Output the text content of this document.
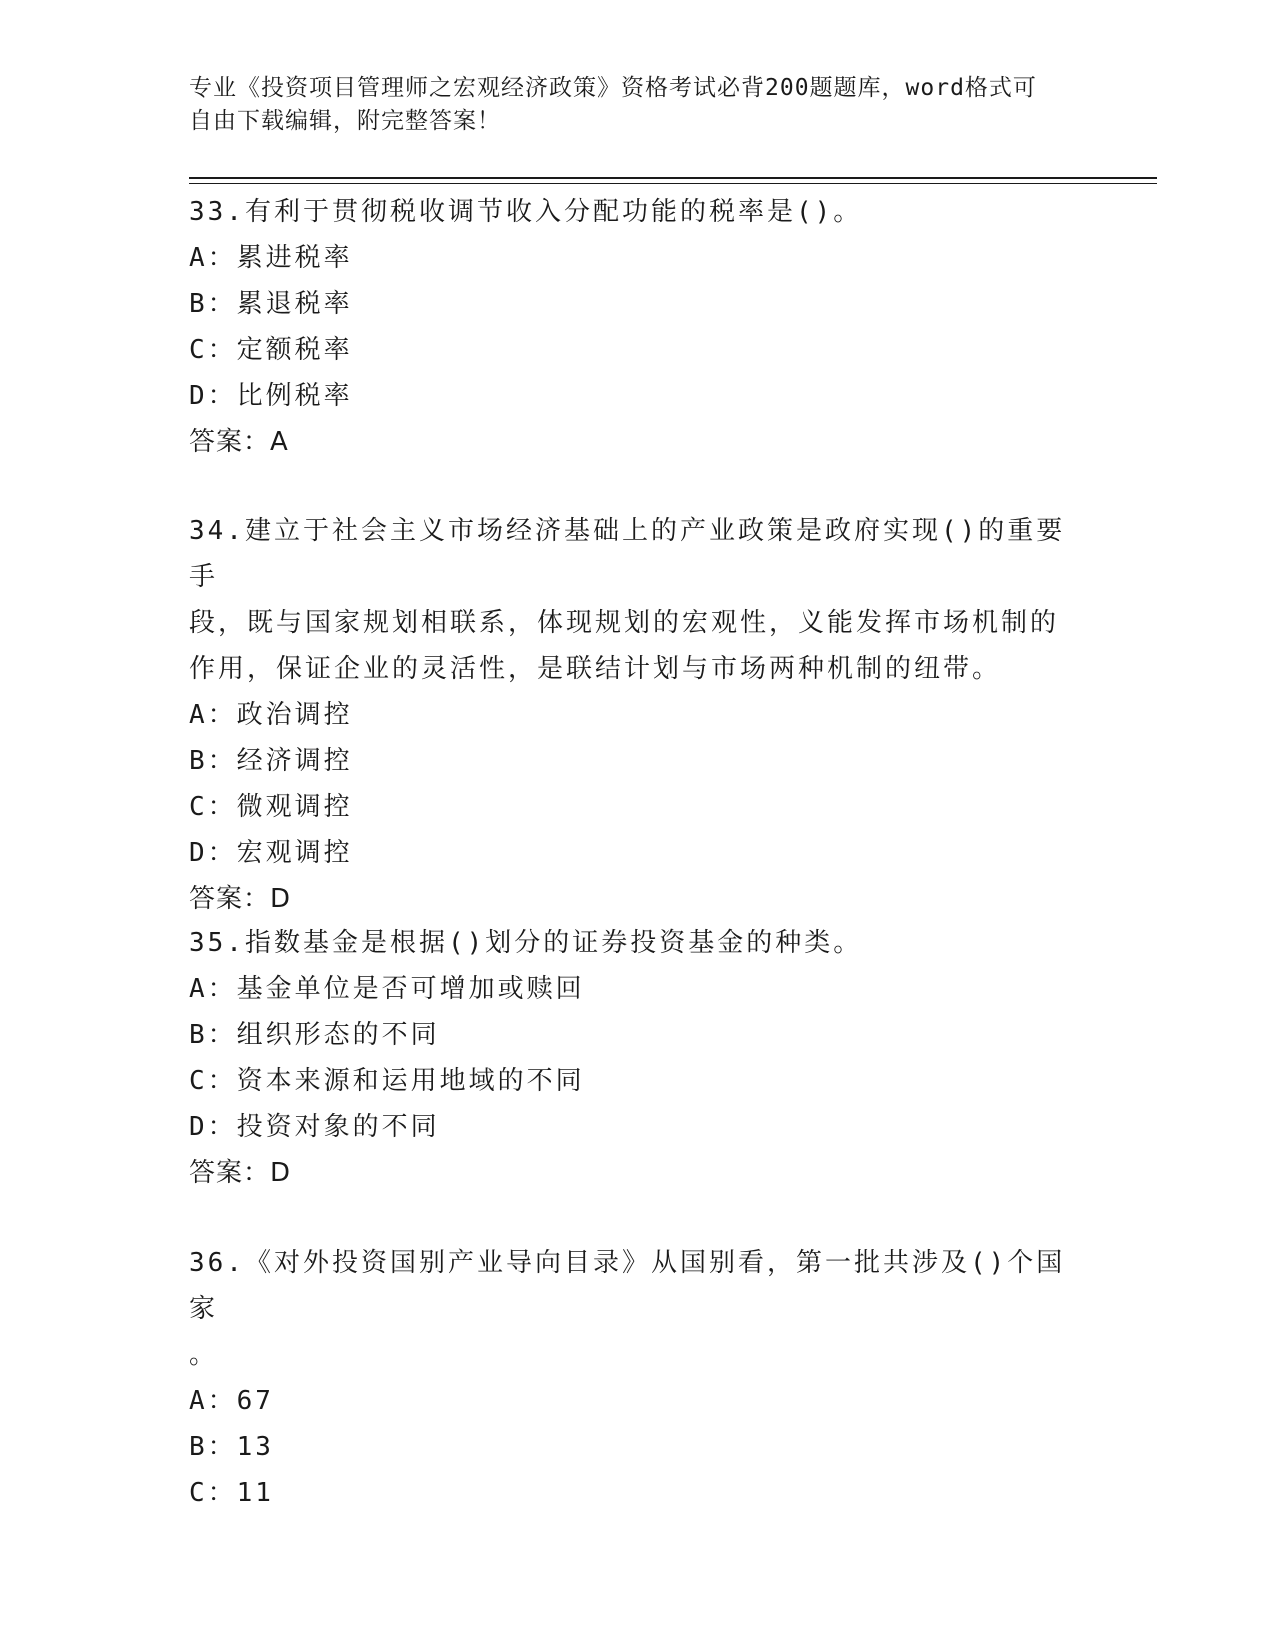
专业《投资项目管理师之宏观经济政策》资格考试必背200题题库，word格式可
自由下载编辑，附完整答案！

33.有利于贯彻税收调节收入分配功能的税率是()。

A：累进税率

B：累退税率

C：定额税率

D：比例税率

答案：A

34.建立于社会主义市场经济基础上的产业政策是政府实现()的重要手

段，既与国家规划相联系，体现规划的宏观性，义能发挥市场机制的

作用，保证企业的灵活性，是联结计划与市场两种机制的纽带。

A：政治调控

B：经济调控

C：微观调控

D：宏观调控

答案：D

35.指数基金是根据()划分的证券投资基金的种类。

A：基金单位是否可增加或赎回

B：组织形态的不同

C：资本来源和运用地域的不同

D：投资对象的不同

答案：D

36.《对外投资国别产业导向目录》从国别看，第一批共涉及()个国家

。

A：67

B：13

C：11
